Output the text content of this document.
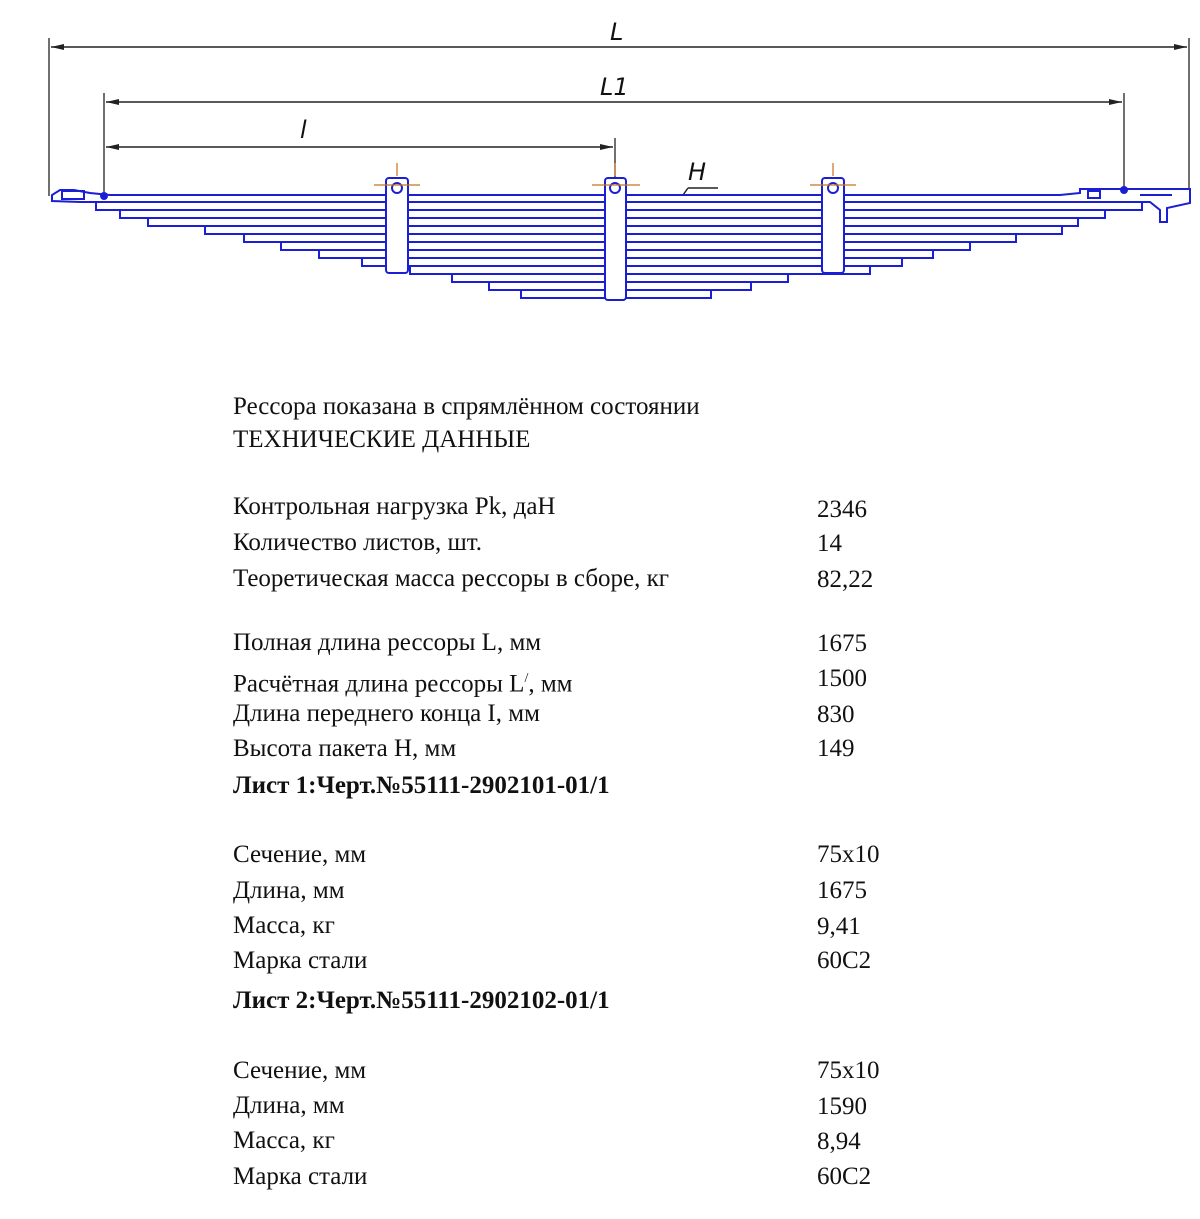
L
L1
l
H
Рессора показана в спрямлённом состоянии
ТЕХНИЧЕСКИЕ ДАННЫЕ
Контрольная нагрузка Pk, даН	2346
Количество листов, шт.	14
Теоретическая масса рессоры в сборе, кг	82,22
Полная длина рессоры L, мм	1675
Расчётная длина рессоры L/, мм	1500
Длина переднего конца I, мм	830
Высота пакета H, мм	149
Лист 1:Черт.№55111-2902101-01/1
Сечение, мм	75x10
Длина, мм	1675
Масса, кг	9,41
Марка стали	60С2
Лист 2:Черт.№55111-2902102-01/1
Сечение, мм	75x10
Длина, мм	1590
Масса, кг	8,94
Марка стали	60С2
